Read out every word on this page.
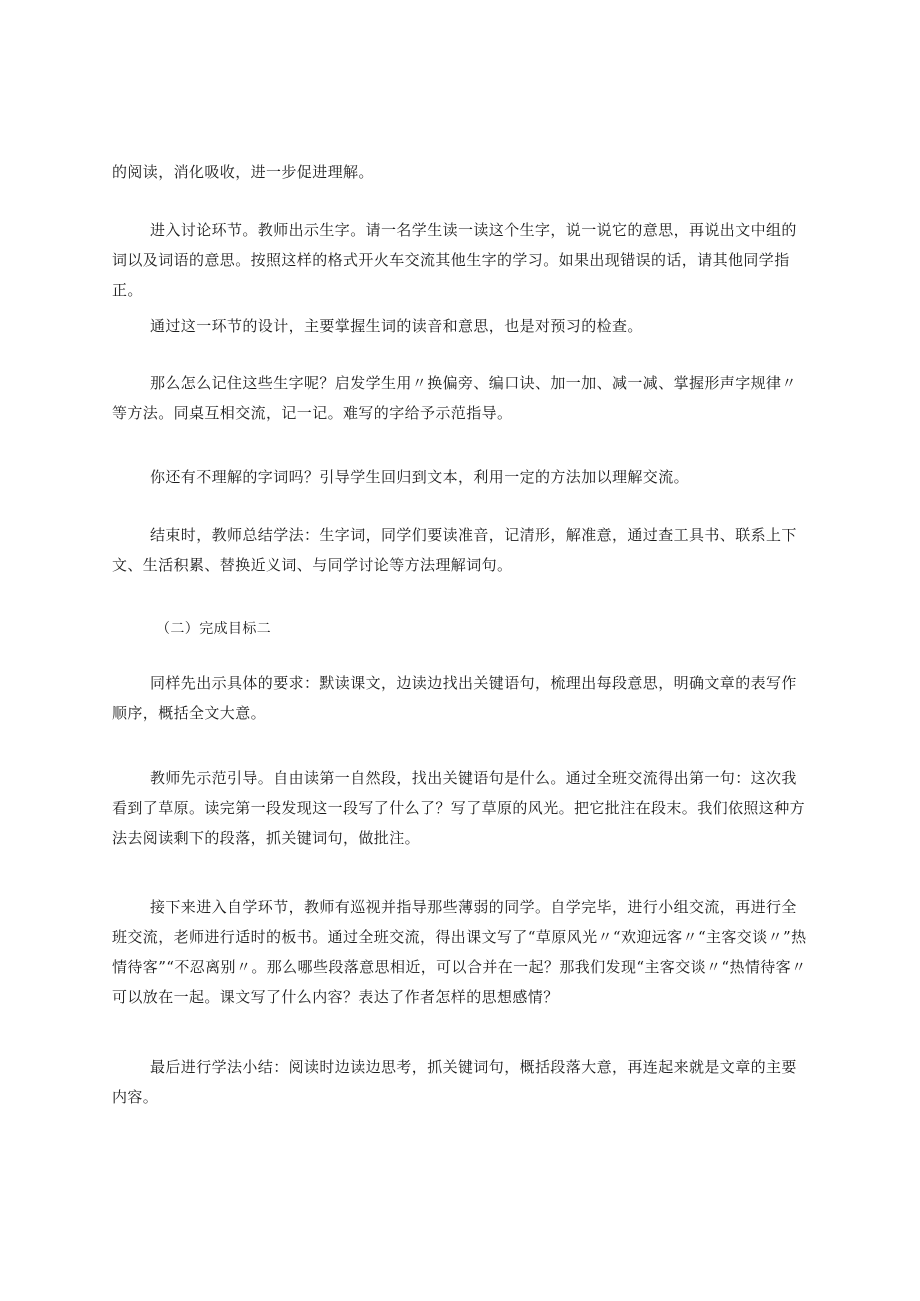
的阅读，消化吸收，进一步促进理解。

进入讨论环节。教师出示生字。请一名学生读一读这个生字，说一说它的意思，再说出文中组的词以及词语的意思。按照这样的格式开火车交流其他生字的学习。如果出现错误的话，请其他同学指正。

通过这一环节的设计，主要掌握生词的读音和意思，也是对预习的检查。

那么怎么记住这些生字呢？启发学生用〃换偏旁、编口诀、加一加、减一减、掌握形声字规律〃等方法。同桌互相交流，记一记。难写的字给予示范指导。

你还有不理解的字词吗？引导学生回归到文本，利用一定的方法加以理解交流。

结束时，教师总结学法：生字词，同学们要读准音，记清形，解准意，通过查工具书、联系上下文、生活积累、替换近义词、与同学讨论等方法理解词句。

（二）完成目标二

同样先出示具体的要求：默读课文，边读边找出关键语句，梳理出每段意思，明确文章的表写作顺序，概括全文大意。

教师先示范引导。自由读第一自然段，找出关键语句是什么。通过全班交流得出第一句：这次我看到了草原。读完第一段发现这一段写了什么了？写了草原的风光。把它批注在段末。我们依照这种方法去阅读剩下的段落，抓关键词句，做批注。

接下来进入自学环节，教师有巡视并指导那些薄弱的同学。自学完毕，进行小组交流，再进行全班交流，老师进行适时的板书。通过全班交流，得出课文写了“草原风光〃“欢迎远客〃“主客交谈〃”热情待客”“不忍离别〃。那么哪些段落意思相近，可以合并在一起？那我们发现“主客交谈〃“热情待客〃可以放在一起。课文写了什么内容？表达了作者怎样的思想感情？

最后进行学法小结：阅读时边读边思考，抓关键词句，概括段落大意，再连起来就是文章的主要内容。
